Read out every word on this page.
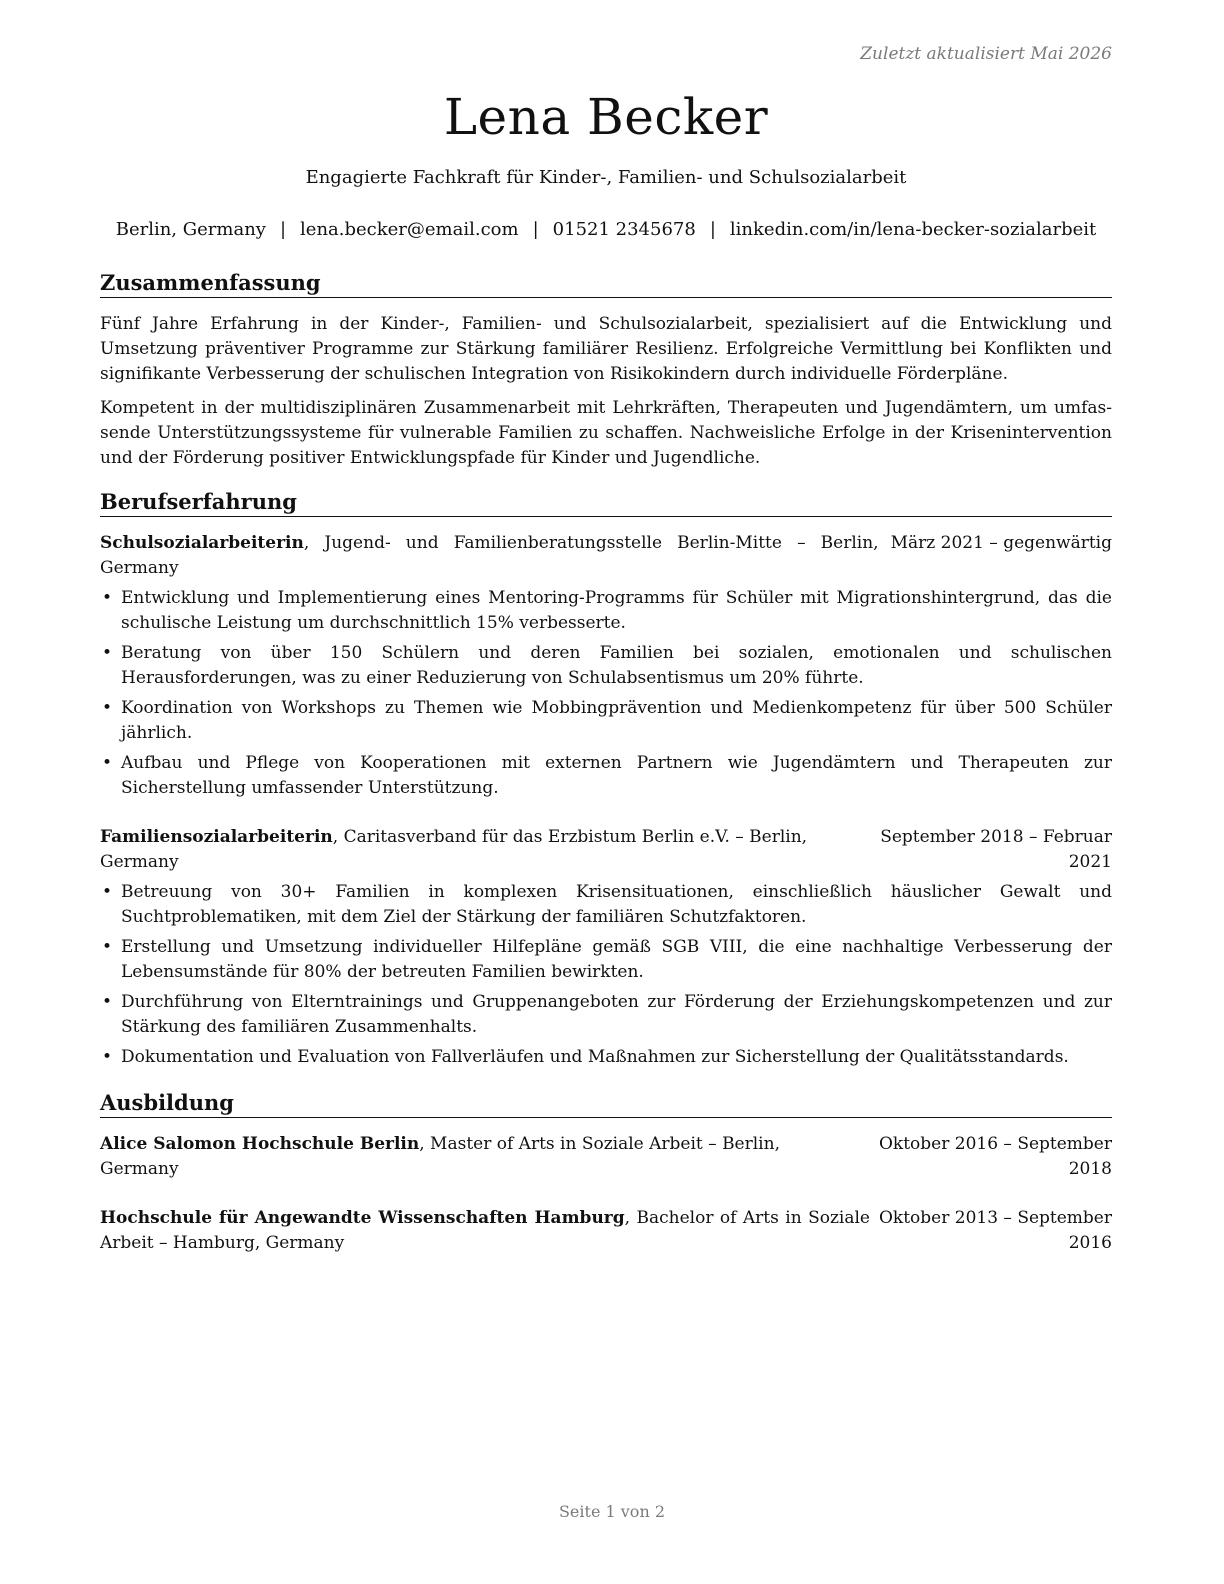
Zuletzt aktualisiert Mai 2026
Lena Becker
Engagierte Fachkraft für Kinder-, Familien- und Schulsozialarbeit
Berlin, Germany | lena.becker@email.com | 01521 2345678 | linkedin.com/in/lena-becker-sozialarbeit
Zusammenfassung

Fünf Jahre Erfahrung in der Kinder-, Familien- und Schulsozialarbeit, spezialisiert auf die Entwicklung und Umsetzung präventiver Programme zur Stärkung familiärer Resilienz. Erfolgreiche Vermittlung bei Konflikten und signifikante Verbesserung der schulischen Integration von Risikokindern durch individuelle Förderpläne.

Kompetent in der multidisziplinären Zusammenarbeit mit Lehrkräften, Therapeuten und Jugendämtern, um umfassende Unterstützungssysteme für vulnerable Familien zu schaffen. Nachweisliche Erfolge in der Krisenintervention und der Förderung positiver Entwicklungspfade für Kinder und Jugendliche.

Berufserfahrung
Schulsozialarbeiterin, Jugend- und Familienberatungsstelle Berlin-Mitte – Berlin, Germany
März 2021 – gegenwärtig
• Entwicklung und Implementierung eines Mentoring-Programms für Schüler mit Migrationshintergrund, das die schulische Leistung um durchschnittlich 15% verbesserte.
• Beratung von über 150 Schülern und deren Familien bei sozialen, emotionalen und schulischen Herausforderungen, was zu einer Reduzierung von Schulabsentismus um 20% führte.
• Koordination von Workshops zu Themen wie Mobbingprävention und Medienkompetenz für über 500 Schüler jährlich.
• Aufbau und Pflege von Kooperationen mit externen Partnern wie Jugendämtern und Therapeuten zur Sicherstellung umfassender Unterstützung.
Familiensozialarbeiterin, Caritasverband für das Erzbistum Berlin e.V. – Berlin, Germany
September 2018 – Februar 2021
• Betreuung von 30+ Familien in komplexen Krisensituationen, einschließlich häuslicher Gewalt und Suchtproblematiken, mit dem Ziel der Stärkung der familiären Schutzfaktoren.
• Erstellung und Umsetzung individueller Hilfepläne gemäß SGB VIII, die eine nachhaltige Verbesserung der Lebensumstände für 80% der betreuten Familien bewirkten.
• Durchführung von Elterntrainings und Gruppenangeboten zur Förderung der Erziehungskompetenzen und zur Stärkung des familiären Zusammenhalts.
• Dokumentation und Evaluation von Fallverläufen und Maßnahmen zur Sicherstellung der Qualitätsstandards.
Ausbildung
Alice Salomon Hochschule Berlin, Master of Arts in Soziale Arbeit – Berlin, Germany
Oktober 2016 – September 2018
Hochschule für Angewandte Wissenschaften Hamburg, Bachelor of Arts in Soziale Arbeit – Hamburg, Germany
Oktober 2013 – September 2016
Seite 1 von 2
